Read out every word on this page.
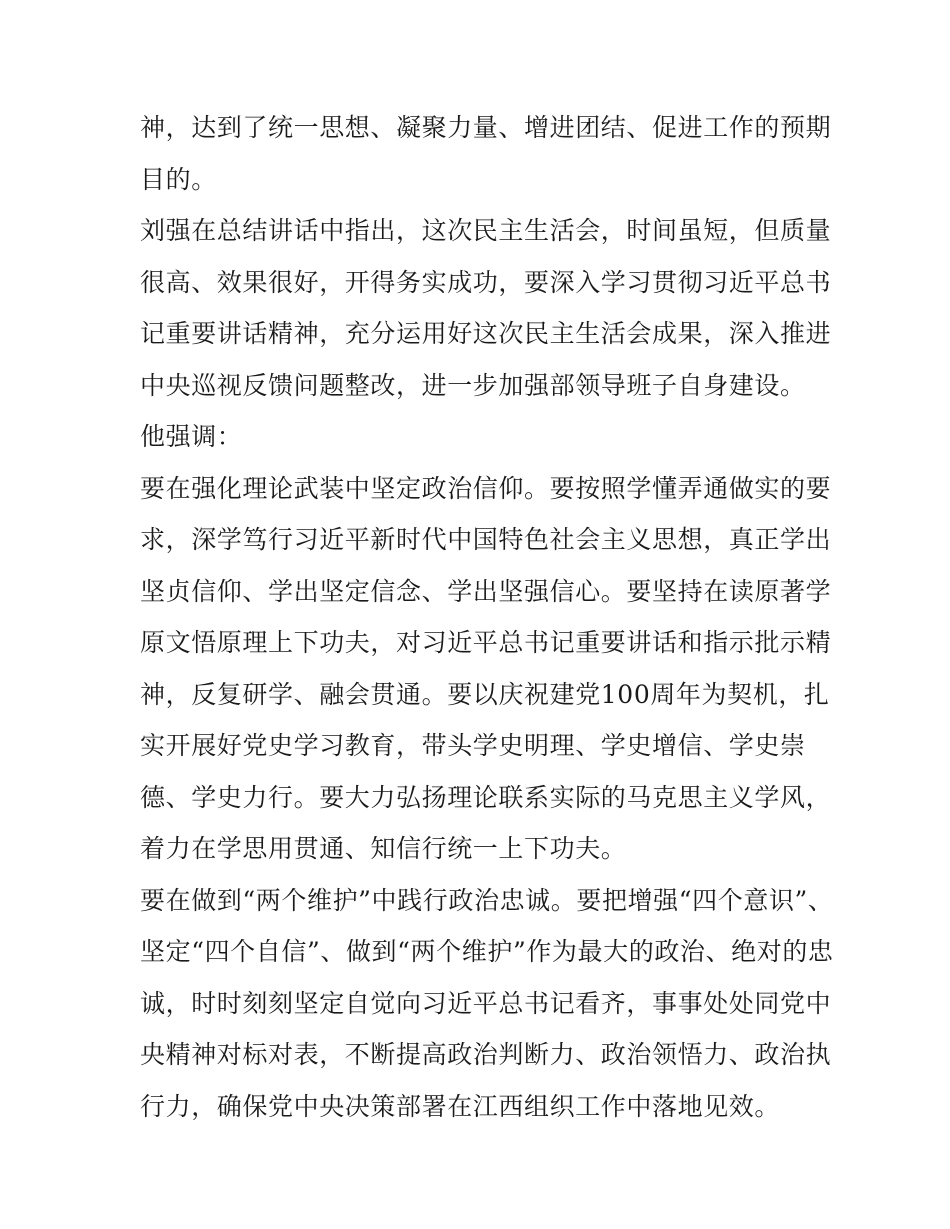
神，达到了统一思想、凝聚力量、增进团结、促进工作的预期
目的。
刘强在总结讲话中指出，这次民主生活会，时间虽短，但质量
很高、效果很好，开得务实成功，要深入学习贯彻习近平总书
记重要讲话精神，充分运用好这次民主生活会成果，深入推进
中央巡视反馈问题整改，进一步加强部领导班子自身建设。
他强调：
要在强化理论武装中坚定政治信仰。要按照学懂弄通做实的要
求，深学笃行习近平新时代中国特色社会主义思想，真正学出
坚贞信仰、学出坚定信念、学出坚强信心。要坚持在读原著学
原文悟原理上下功夫，对习近平总书记重要讲话和指示批示精
神，反复研学、融会贯通。要以庆祝建党100周年为契机，扎
实开展好党史学习教育，带头学史明理、学史增信、学史崇
德、学史力行。要大力弘扬理论联系实际的马克思主义学风，
着力在学思用贯通、知信行统一上下功夫。
要在做到“两个维护”中践行政治忠诚。要把增强“四个意识”、
坚定“四个自信”、做到“两个维护”作为最大的政治、绝对的忠
诚，时时刻刻坚定自觉向习近平总书记看齐，事事处处同党中
央精神对标对表，不断提高政治判断力、政治领悟力、政治执
行力，确保党中央决策部署在江西组织工作中落地见效。
